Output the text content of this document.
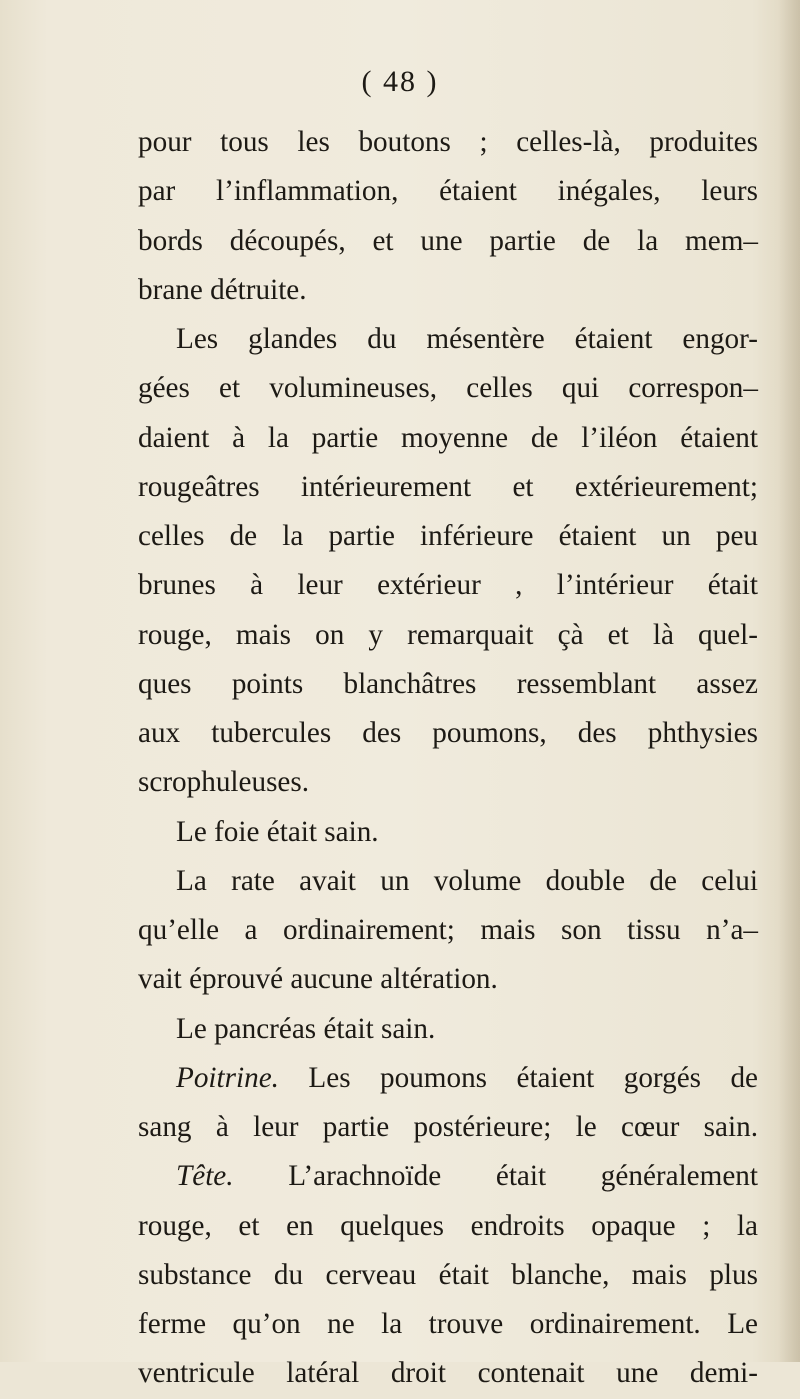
( 48 )
pour tous les boutons ; celles-là, produites
par l’inflammation, étaient inégales, leurs
bords découpés, et une partie de la mem–
brane détruite.
Les glandes du mésentère étaient engor-
gées et volumineuses, celles qui correspon–
daient à la partie moyenne de l’iléon étaient
rougeâtres intérieurement et extérieurement;
celles de la partie inférieure étaient un peu
brunes à leur extérieur , l’intérieur était
rouge, mais on y remarquait çà et là quel-
ques points blanchâtres ressemblant assez
aux tubercules des poumons, des phthysies
scrophuleuses.
Le foie était sain.
La rate avait un volume double de celui
qu’elle a ordinairement; mais son tissu n’a–
vait éprouvé aucune altération.
Le pancréas était sain.
Poitrine. Les poumons étaient gorgés de
sang à leur partie postérieure; le cœur sain.
Tête. L’arachnoïde était généralement
rouge, et en quelques endroits opaque ; la
substance du cerveau était blanche, mais plus
ferme qu’on ne la trouve ordinairement. Le
ventricule latéral droit contenait une demi-
